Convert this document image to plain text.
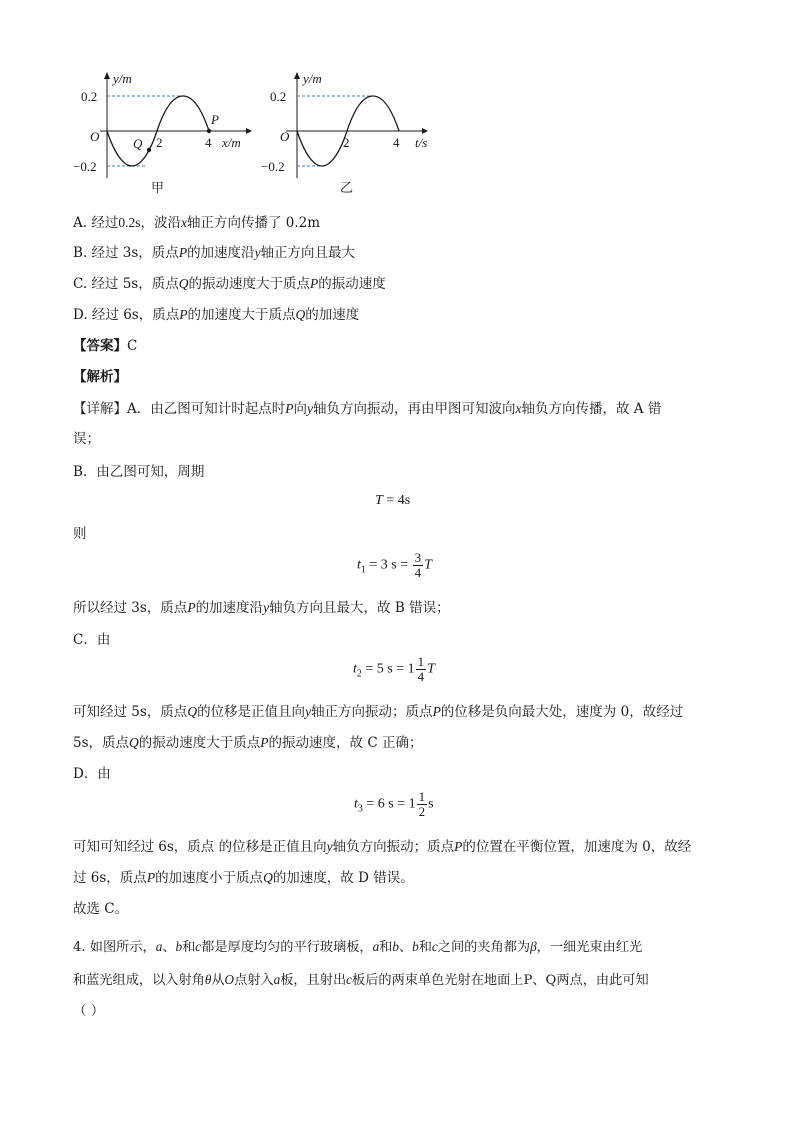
y/m
x/m
O
0.2
−0.2
2	4
P
Q
甲
y/m
t/s
O
0.2
−0.2
2	4
乙
A. 经过0.2s，波沿x轴正方向传播了 0.2m
B. 经过 3s，质点P的加速度沿y轴正方向且最大
C. 经过 5s，质点Q的振动速度大于质点P的振动速度
D. 经过 6s，质点P的加速度大于质点Q的加速度
【答案】C
【解析】
【详解】A．由乙图可知计时起点时P向y轴负方向振动，再由甲图可知波向x轴负方向传播，故 A 错
误；
B．由乙图可知，周期
T = 4s
则
$t_1 = 3$ $s = \frac{3}{4}$ T
所以经过 3s，质点P的加速度沿y轴负方向且最大，故 B 错误；
C．由
$t_2 = 5$ $s = 1 \frac{1}{4}$ T
可知经过 5s，质点Q的位移是正值且向y轴正方向振动；质点P的位移是负向最大处，速度为 0，故经过
5s，质点Q的振动速度大于质点P的振动速度，故 C 正确；
D．由
$t_3 = 6$ $s = 1 \frac{1}{2}$ s
可知可知经过 6s，质点 的位移是正值且向y轴负方向振动；质点P的位置在平衡位置，加速度为 0，故经
过 6s，质点P的加速度小于质点Q的加速度，故 D 错误。
故选 C。
4. 如图所示，a、b和c都是厚度均匀的平行玻璃板，a和b、b和c之间的夹角都为β，一细光束由红光
和蓝光组成，以入射角θ从O点射入a板，且射出c板后的两束单色光射在地面上P、Q两点，由此可知
（ ）
